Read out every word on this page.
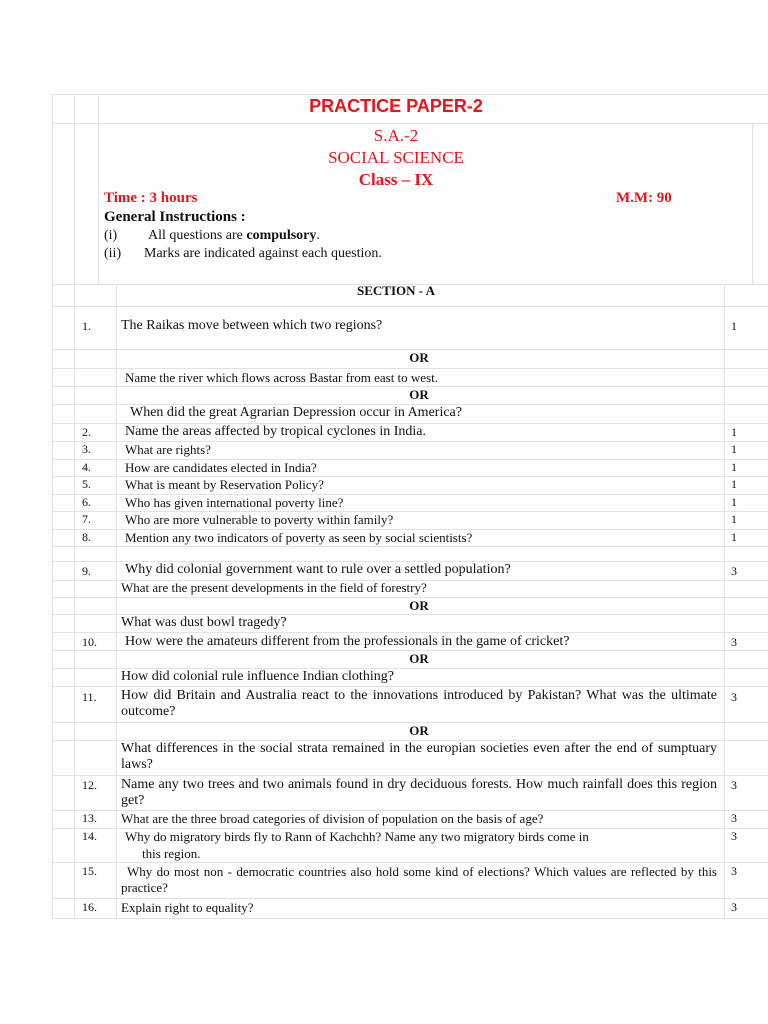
PRACTICE PAPER-2
S.A.-2
SOCIAL SCIENCE
Class – IX
Time : 3 hours	M.M: 90
General Instructions :
(i) All questions are compulsory.
(ii) Marks are indicated against each question.
SECTION - A
1. The Raikas move between which two regions?	1
OR
Name the river which flows across Bastar from east to west.
OR
When did the great Agrarian Depression occur in America?
2. Name the areas affected by tropical cyclones in India.	1
3.	What are rights?	1
4.	How are candidates elected in India?	1
5.	What is meant by Reservation Policy?	1
6.	Who has given international poverty line?	1
7.	Who are more vulnerable to poverty within family?	1
8.	Mention any two indicators of poverty as seen by social scientists?	1
9. Why did colonial government want to rule over a settled population?	3
What are the present developments in the field of forestry?
OR
What was dust bowl tragedy?
10. How were the amateurs different from the professionals in the game of cricket?	3
OR
How did colonial rule influence Indian clothing?
11. How did Britain and Australia react to the innovations introduced by Pakistan? What was the ultimate outcome?
3
OR
What differences in the social strata remained in the europian societies even after the end of sumptuary laws?
12. Name any two trees and two animals found in dry deciduous forests. How much rainfall does this region get?
3
13. What are the three broad categories of division of population on the basis of age?	3
14. Why do migratory birds fly to Rann of Kachchh? Name any two migratory birds come in	3
this region.
15.	Why do most non - democratic countries also hold some kind of elections? Which values are reflected by this practice?
3
16. Explain right to equality?	3
